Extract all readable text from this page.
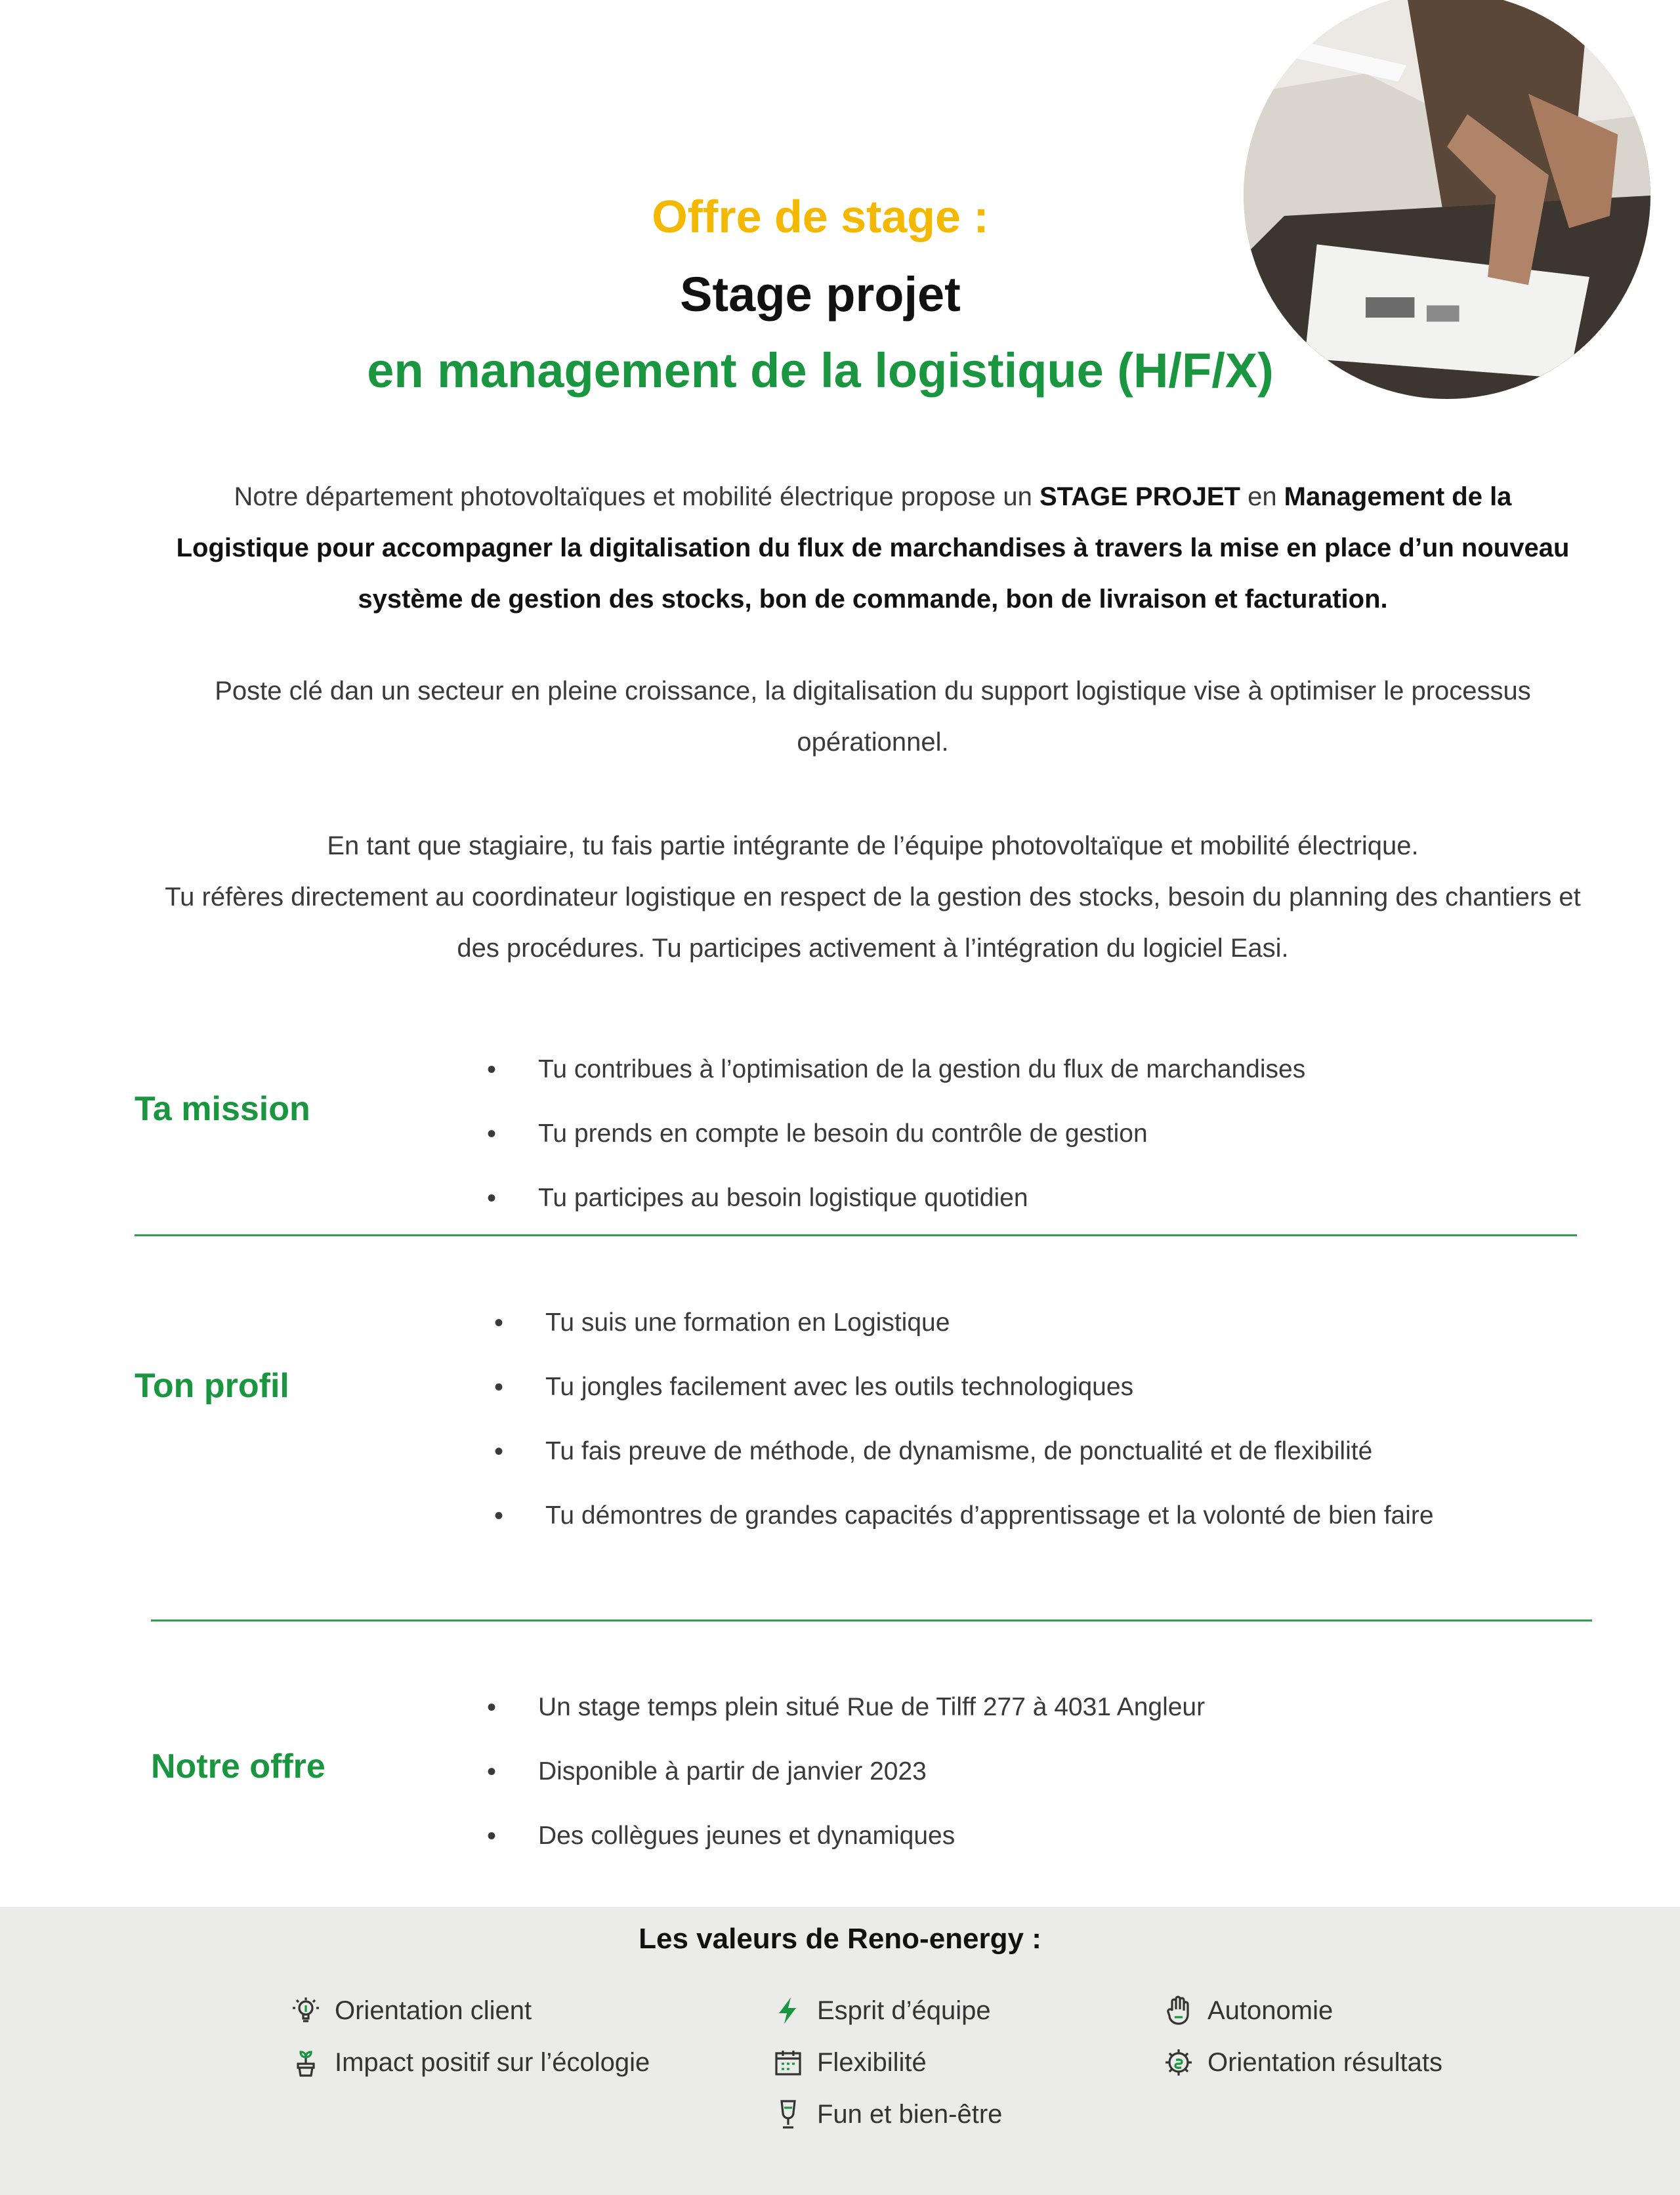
Offre de stage :
Stage projet
en management de la logistique (H/F/X)
Notre département photovoltaïques et mobilité électrique propose un STAGE PROJET en Management de la Logistique pour accompagner la digitalisation du flux de marchandises à travers la mise en place d’un nouveau système de gestion des stocks, bon de commande, bon de livraison et facturation.
Poste clé dan un secteur en pleine croissance, la digitalisation du support logistique vise à optimiser le processus opérationnel.
En tant que stagiaire, tu fais partie intégrante de l’équipe photovoltaïque et mobilité électrique.
Tu réfères directement au coordinateur logistique en respect de la gestion des stocks, besoin du planning des chantiers et des procédures. Tu participes activement à l’intégration du logiciel Easi.
Ta mission
• Tu contribues à l’optimisation de la gestion du flux de marchandises
• Tu prends en compte le besoin du contrôle de gestion
• Tu participes au besoin logistique quotidien
Ton profil
• Tu suis une formation en Logistique
• Tu jongles facilement avec les outils technologiques
• Tu fais preuve de méthode, de dynamisme, de ponctualité et de flexibilité
• Tu démontres de grandes capacités d’apprentissage et la volonté de bien faire
Notre offre
• Un stage temps plein situé Rue de Tilff 277 à 4031 Angleur
• Disponible à partir de janvier 2023
• Des collègues jeunes et dynamiques
Les valeurs de Reno-energy :
Orientation client
Impact positif sur l’écologie
Esprit d’équipe
Flexibilité
Fun et bien-être
Autonomie
Orientation résultats
